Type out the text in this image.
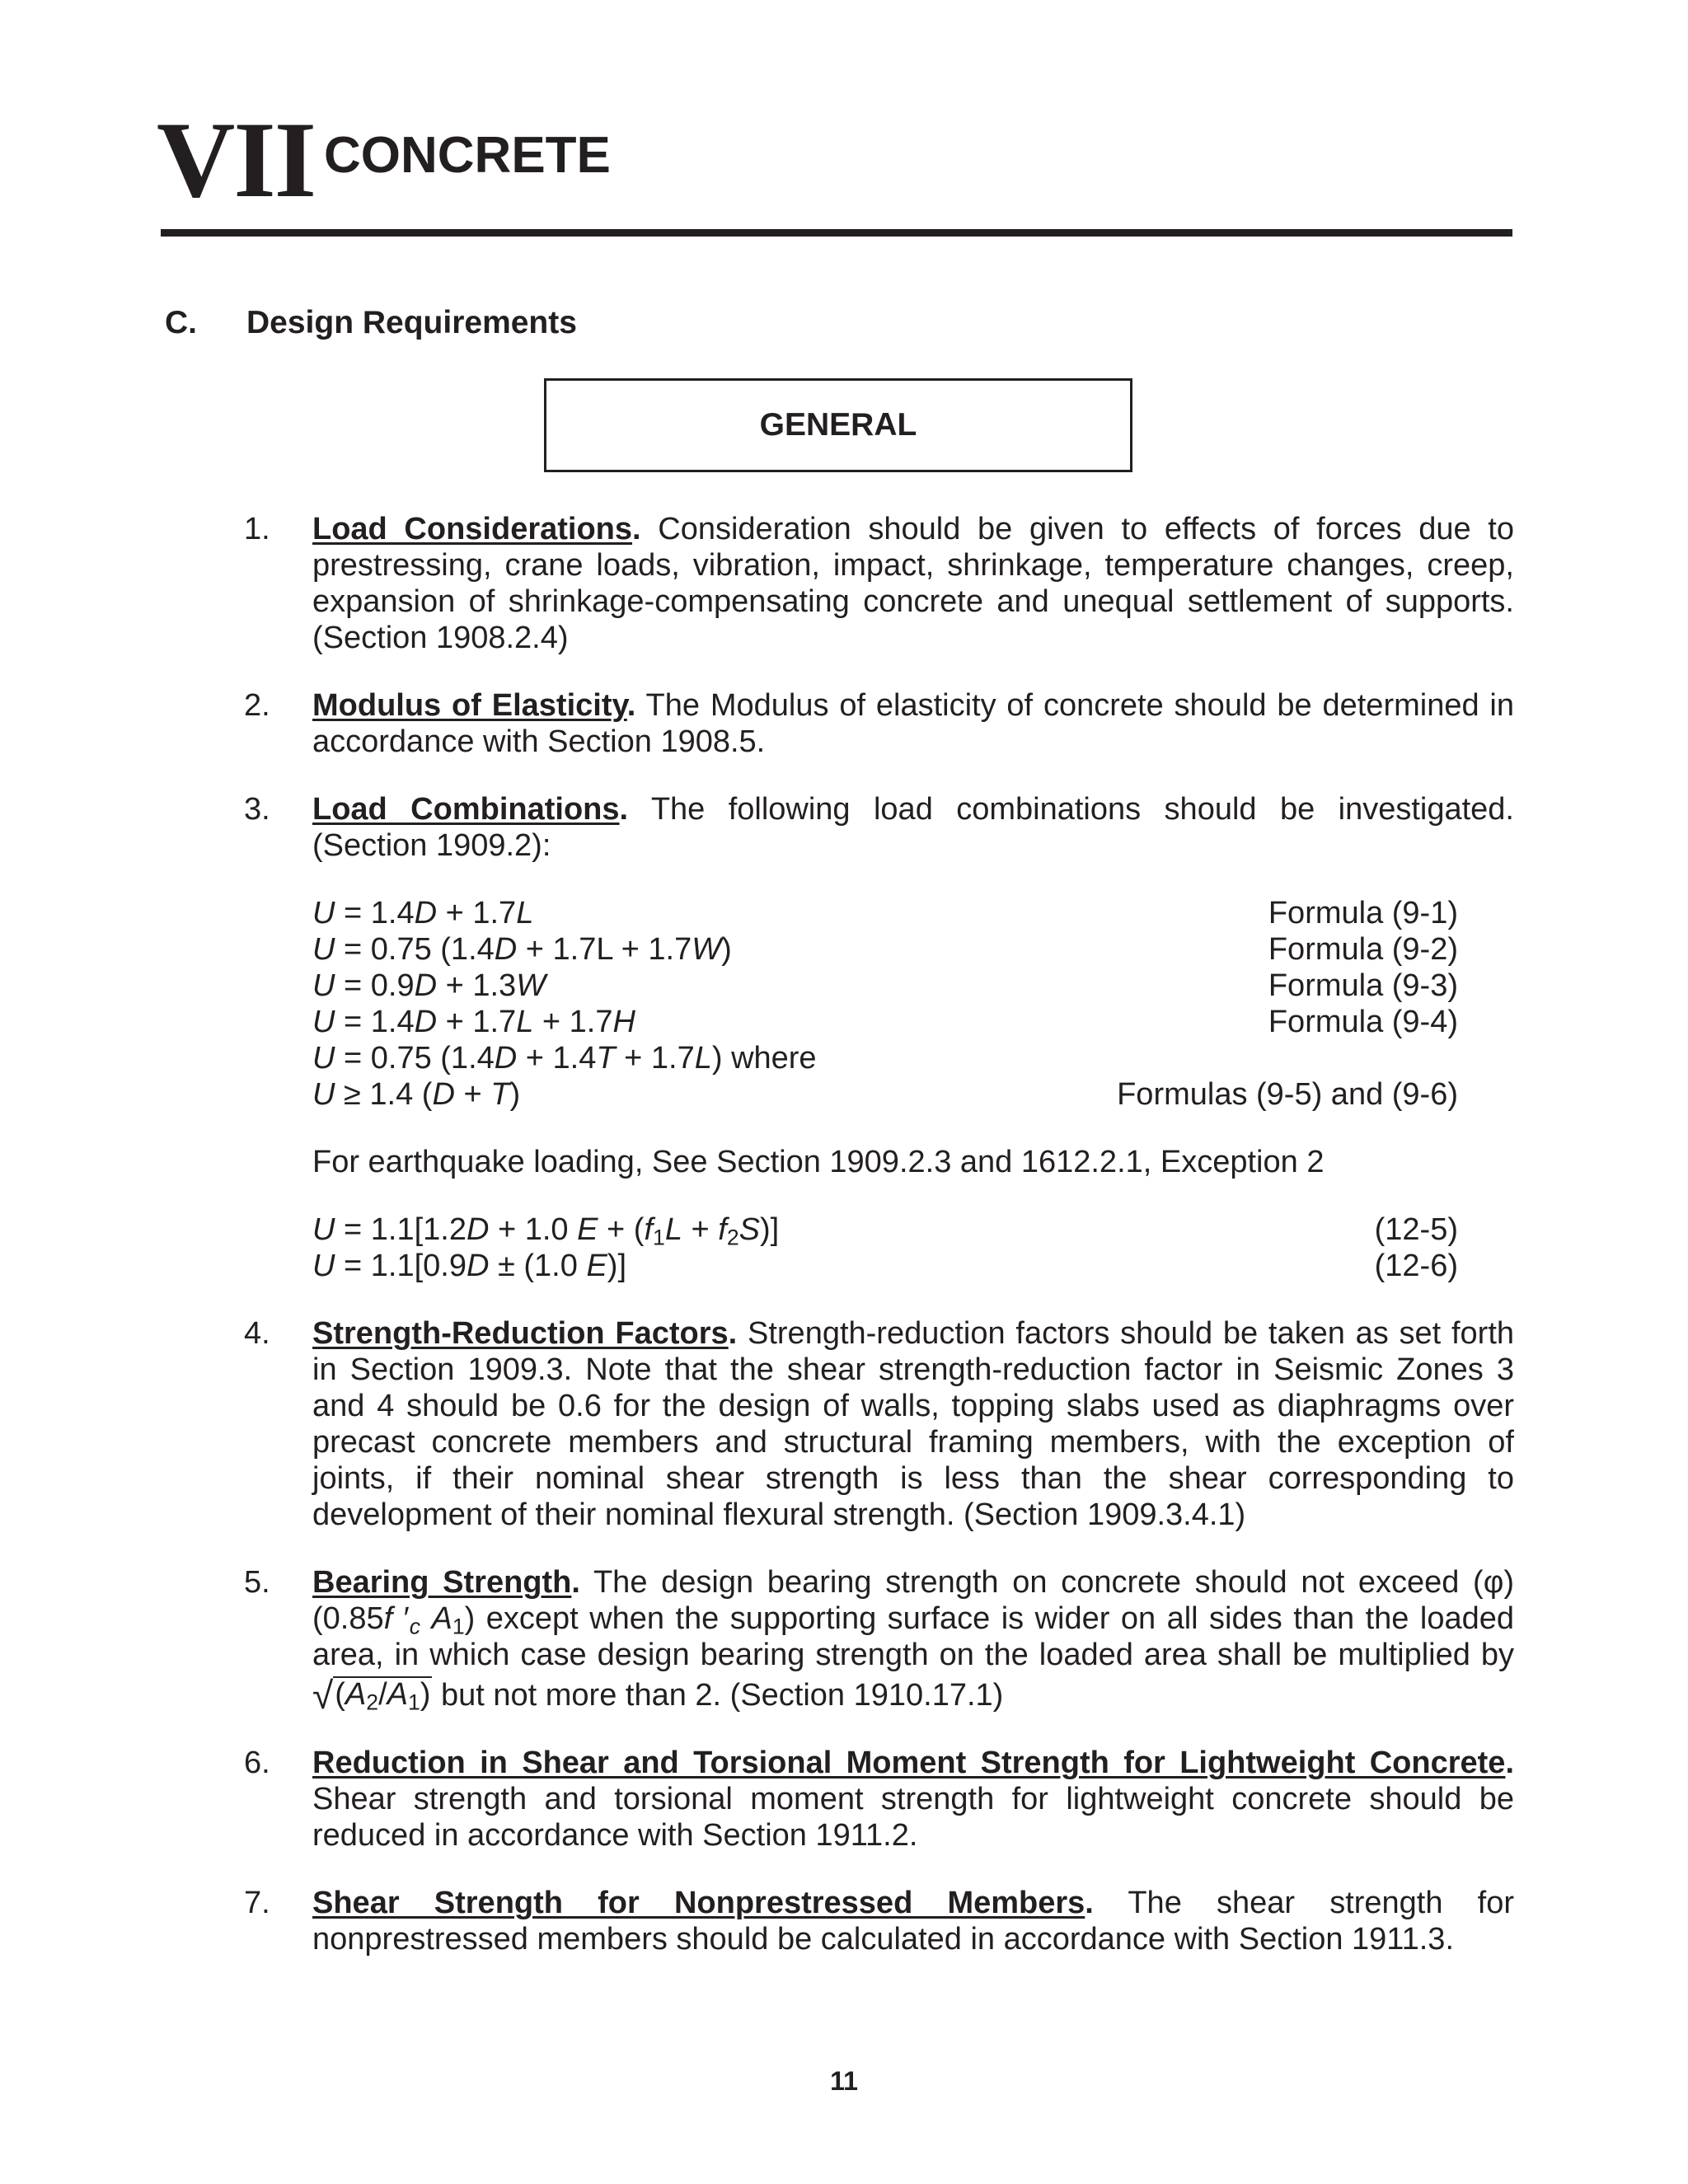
VII CONCRETE
C. Design Requirements
GENERAL
1. Load Considerations. Consideration should be given to effects of forces due to prestressing, crane loads, vibration, impact, shrinkage, temperature changes, creep, expansion of shrinkage-compensating concrete and unequal settlement of supports. (Section 1908.2.4)
2. Modulus of Elasticity. The Modulus of elasticity of concrete should be determined in accordance with Section 1908.5.
3. Load Combinations. The following load combinations should be investigated. (Section 1909.2):
U = 1.4D + 1.7L	Formula (9-1)
U = 0.75 (1.4D + 1.7L + 1.7W)	Formula (9-2)
U = 0.9D + 1.3W	Formula (9-3)
U = 1.4D + 1.7L + 1.7H	Formula (9-4)
U = 0.75 (1.4D + 1.4T + 1.7L) where
U ≥ 1.4 (D + T)	Formulas (9-5) and (9-6)
For earthquake loading, See Section 1909.2.3 and 1612.2.1, Exception 2
U = 1.1[1.2D + 1.0 $E + (f_1L + f_2S)$]	(12-5)
U = 1.1[0.9D ± (1.0 E)]	(12-6)
4. Strength-Reduction Factors. Strength-reduction factors should be taken as set forth in Section 1909.3. Note that the shear strength-reduction factor in Seismic Zones 3 and 4 should be 0.6 for the design of walls, topping slabs used as diaphragms over precast concrete members and structural framing members, with the exception of joints, if their nominal shear strength is less than the shear corresponding to development of their nominal flexural strength. (Section 1909.3.4.1)
5. Bearing Strength. The design bearing strength on concrete should not exceed (φ) (0.85f $'_c$ $A_1$) except when the supporting surface is wider on all sides than the loaded area, in which case design bearing strength on the loaded area shall be multiplied by
√ $(A_2/A_1)$ but not more than 2. (Section 1910.17.1)
6. Reduction in Shear and Torsional Moment Strength for Lightweight Concrete. Shear strength and torsional moment strength for lightweight concrete should be reduced in accordance with Section 1911.2.
7. Shear Strength for Nonprestressed Members. The shear strength for nonprestressed members should be calculated in accordance with Section 1911.3.
11
